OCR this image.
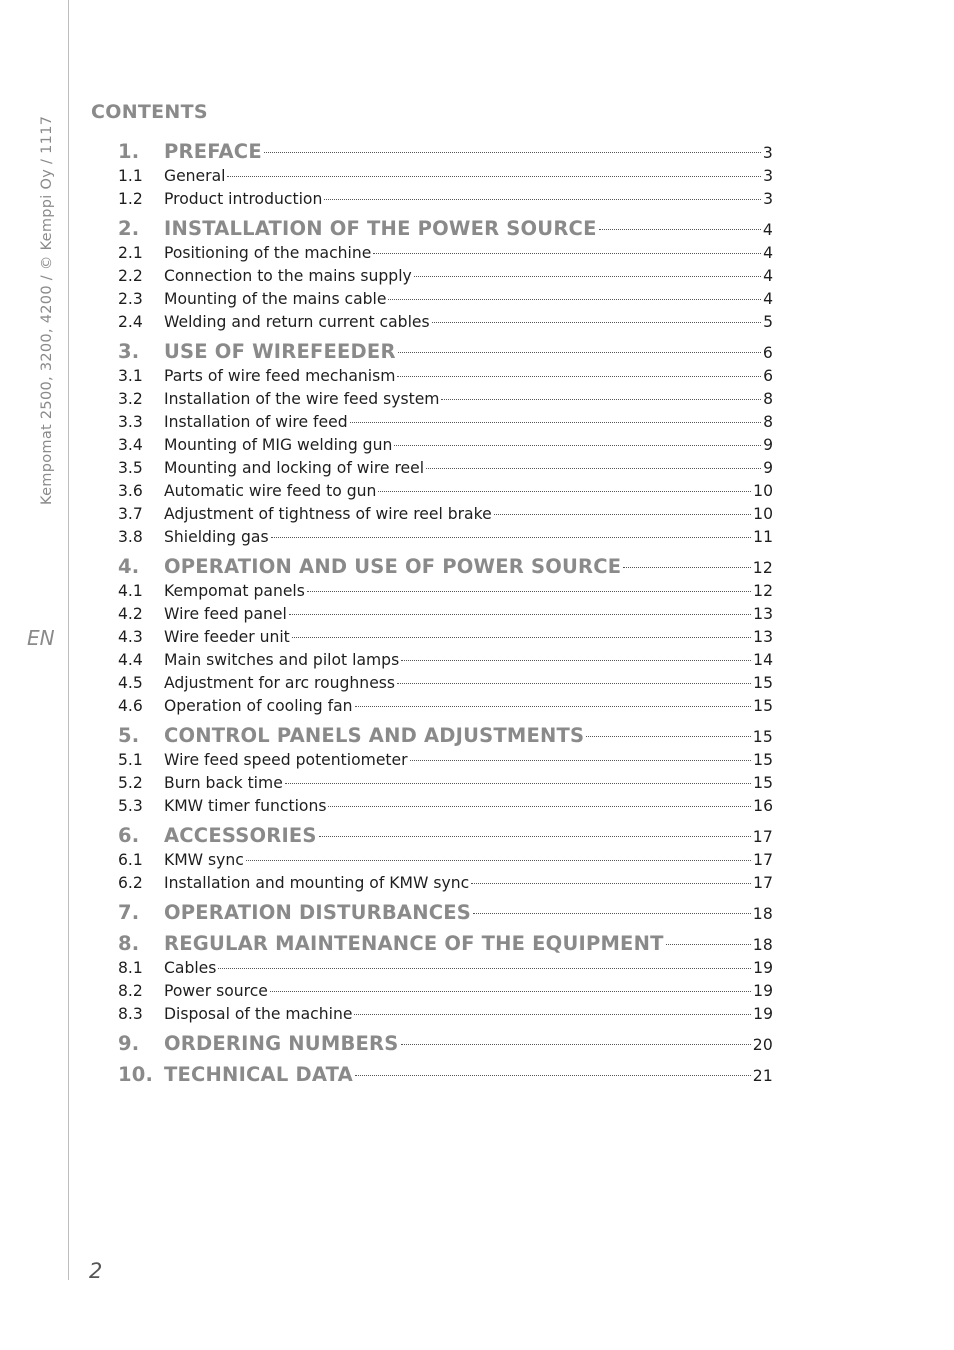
Kempomat 2500, 3200, 4200 / © Kemppi Oy / 1117
EN
CONTENTS
1.	PREFACE	3
1.1	General	3
1.2	Product introduction	3
2.	INSTALLATION OF THE POWER SOURCE	4
2.1	Positioning of the machine	4
2.2	Connection to the mains supply	4
2.3	Mounting of the mains cable	4
2.4	Welding and return current cables	5
3.	USE OF WIREFEEDER	6
3.1	Parts of wire feed mechanism	6
3.2	Installation of the wire feed system	8
3.3	Installation of wire feed	8
3.4	Mounting of MIG welding gun	9
3.5	Mounting and locking of wire reel	9
3.6	Automatic wire feed to gun	10
3.7	Adjustment of tightness of wire reel brake	10
3.8	Shielding gas	11
4.	OPERATION AND USE OF POWER SOURCE	12
4.1	Kempomat panels	12
4.2	Wire feed panel	13
4.3	Wire feeder unit	13
4.4	Main switches and pilot lamps	14
4.5	Adjustment for arc roughness	15
4.6	Operation of cooling fan	15
5.	CONTROL PANELS AND ADJUSTMENTS	15
5.1	Wire feed speed potentiometer	15
5.2	Burn back time	15
5.3	KMW timer functions	16
6.	ACCESSORIES	17
6.1	KMW sync	17
6.2	Installation and mounting of KMW sync	17
7.	OPERATION DISTURBANCES	18
8.	REGULAR MAINTENANCE OF THE EQUIPMENT	18
8.1	Cables	19
8.2	Power source	19
8.3	Disposal of the machine	19
9.	ORDERING NUMBERS	20
10. TECHNICAL DATA	21
2
